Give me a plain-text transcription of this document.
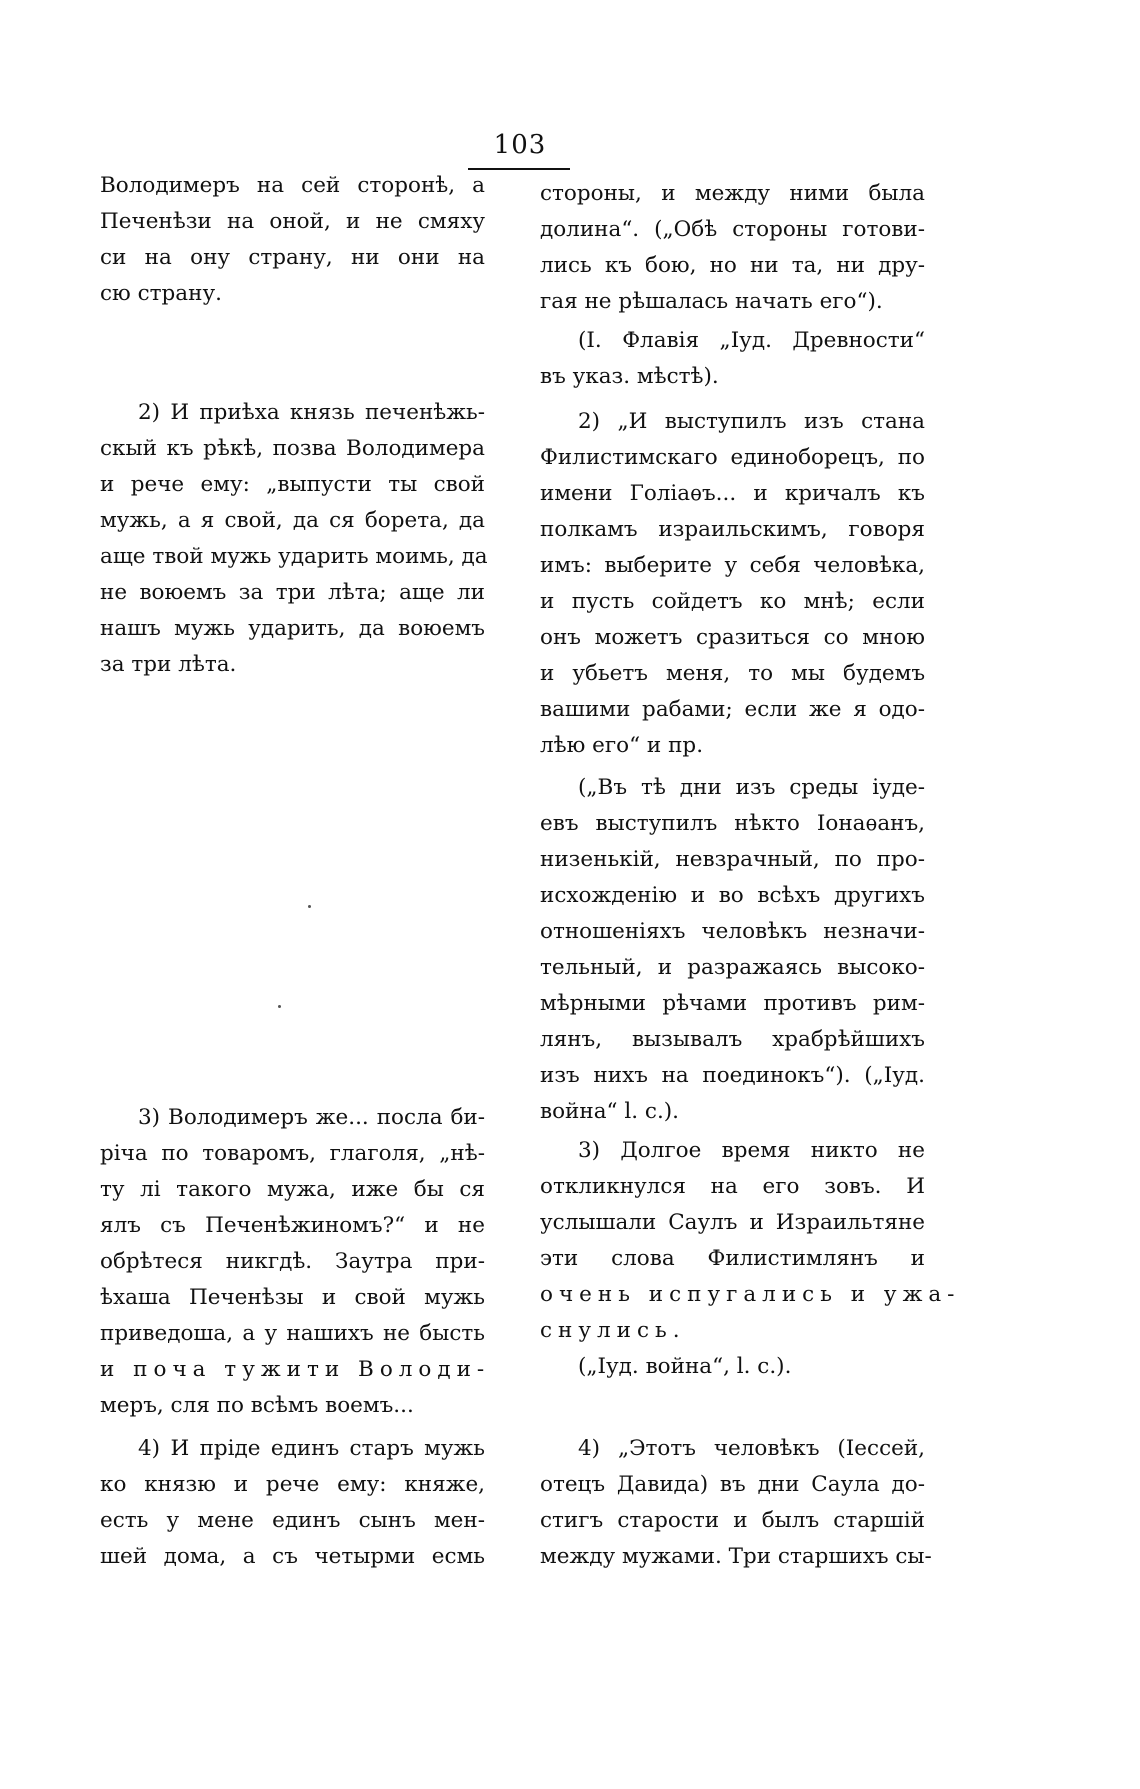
103
Володимеръ на сей сторонѣ, а
Печенѣзи на оной, и не смяху
си на ону страну, ни они на
сю страну.
2) И приѣха князь печенѣжь-
скый къ рѣкѣ, позва Володимера
и рече ему: „выпусти ты свой
мужь, а я свой, да ся борета, да
аще твой мужь ударить моимь, да
не воюемъ за три лѣта; аще ли
нашъ мужь ударить, да воюемъ
за три лѣта.
3) Володимеръ же... посла би-
річа по товаромъ, глаголя, „нѣ-
ту лі такого мужа, иже бы ся
ялъ съ Печенѣжиномъ?“ и не
обрѣтеся никгдѣ. Заутра при-
ѣхаша Печенѣзы и свой мужь
приведоша, а у нашихъ не бысть
и поча тужити Володи-
меръ, сля по всѣмъ воемъ...
4) И пріде единъ старъ мужь
ко князю и рече ему: княже,
есть у мене единъ сынъ мен-
шей дома, а съ четырми есмь
стороны, и между ними была
долина“. („Обѣ стороны готови-
лись къ бою, но ни та, ни дру-
гая не рѣшалась начать его“).
(I. Флавія „Іуд. Древности“
въ указ. мѣстѣ).
2) „И выступилъ изъ стана
Филистимскаго единоборецъ, по
имени Голіаѳъ... и кричалъ къ
полкамъ израильскимъ, говоря
имъ: выберите у себя человѣка,
и пусть сойдетъ ко мнѣ; если
онъ можетъ сразиться со мною
и убьетъ меня, то мы будемъ
вашими рабами; если же я одо-
лѣю его“ и пр.
(„Въ тѣ дни изъ среды іуде-
евъ выступилъ нѣкто Іонаѳанъ,
низенькій, невзрачный, по про-
исхожденію и во всѣхъ другихъ
отношеніяхъ человѣкъ незначи-
тельный, и разражаясь высоко-
мѣрными рѣчами противъ рим-
лянъ, вызывалъ храбрѣйшихъ
изъ нихъ на поединокъ“). („Іуд.
война“ l. с.).
3) Долгое время никто не
откликнулся на его зовъ. И
услышали Саулъ и Израильтяне
эти слова Филистимлянъ и
очень испугались и ужа-
снулись.
(„Іуд. война“, l. с.).
4) „Этотъ человѣкъ (Іессей,
отецъ Давида) въ дни Саула до-
стигъ старости и былъ старшій
между мужами. Три старшихъ сы-
